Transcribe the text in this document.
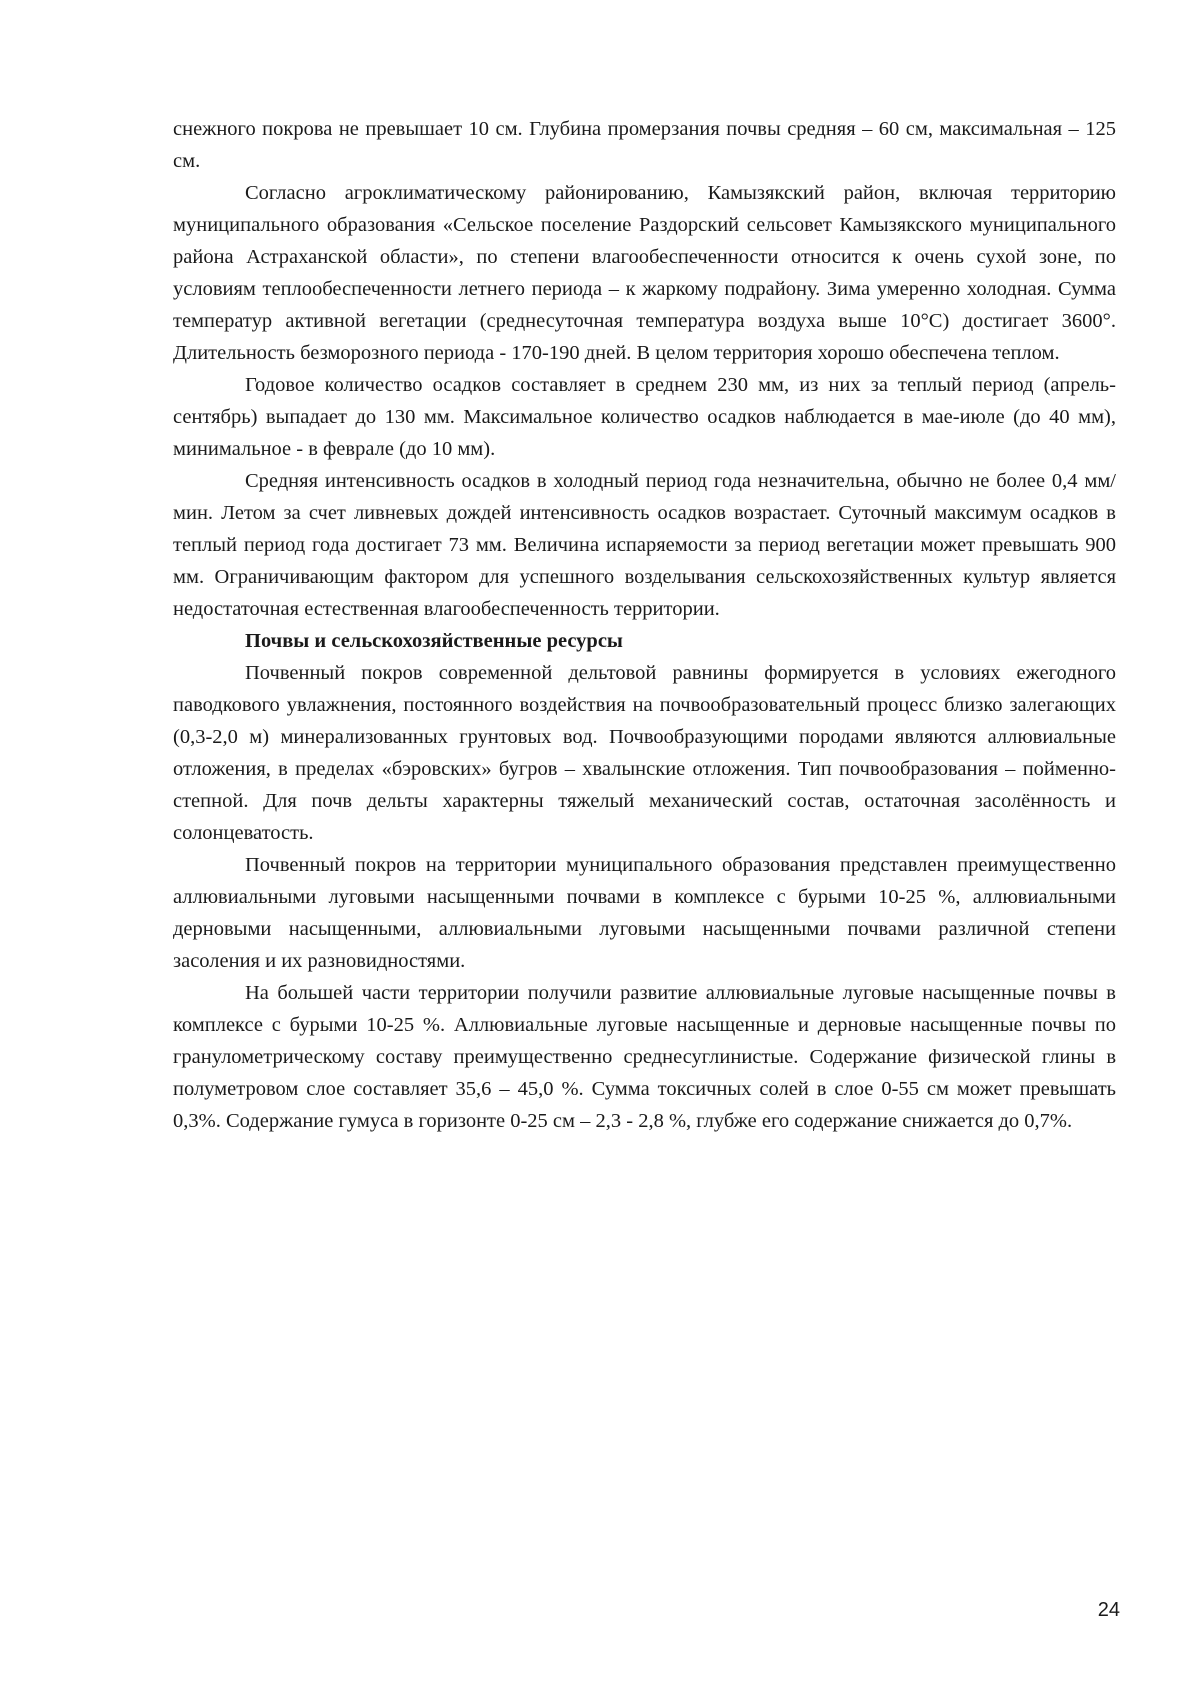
снежного покрова не превышает 10 см. Глубина промерзания почвы средняя – 60 см, максимальная – 125 см.

Согласно агроклиматическому районированию, Камызякский район, включая территорию муниципального образования «Сельское поселение Раздорский сельсовет Камызякского муниципального района Астраханской области», по степени влагообеспеченности относится к очень сухой зоне, по условиям теплообеспеченности летнего периода – к жаркому подрайону. Зима умеренно холодная. Сумма температур активной вегетации (среднесуточная температура воздуха выше 10°С) достигает 3600°. Длительность безморозного периода - 170-190 дней. В целом территория хорошо обеспечена теплом.

Годовое количество осадков составляет в среднем 230 мм, из них за теплый период (апрель-сентябрь) выпадает до 130 мм. Максимальное количество осадков наблюдается в мае-июле (до 40 мм), минимальное - в феврале (до 10 мм).

Средняя интенсивность осадков в холодный период года незначительна, обычно не более 0,4 мм/мин. Летом за счет ливневых дождей интенсивность осадков возрастает. Суточный максимум осадков в теплый период года достигает 73 мм. Величина испаряемости за период вегетации может превышать 900 мм. Ограничивающим фактором для успешного возделывания сельскохозяйственных культур является недостаточная естественная влагообеспеченность территории.

Почвы и сельскохозяйственные ресурсы

Почвенный покров современной дельтовой равнины формируется в условиях ежегодного паводкового увлажнения, постоянного воздействия на почвообразовательный процесс близко залегающих (0,3-2,0 м) минерализованных грунтовых вод. Почвообразующими породами являются аллювиальные отложения, в пределах «бэровских» бугров – хвалынские отложения. Тип почвообразования – пойменно-степной. Для почв дельты характерны тяжелый механический состав, остаточная засолённость и солонцеватость.

Почвенный покров на территории муниципального образования представлен преимущественно аллювиальными луговыми насыщенными почвами в комплексе с бурыми 10-25 %, аллювиальными дерновыми насыщенными, аллювиальными луговыми насыщенными почвами различной степени засоления и их разновидностями.

На большей части территории получили развитие аллювиальные луговые насыщенные почвы в комплексе с бурыми 10-25 %. Аллювиальные луговые насыщенные и дерновые насыщенные почвы по гранулометрическому составу преимущественно среднесуглинистые. Содержание физической глины в полуметровом слое составляет 35,6 – 45,0 %. Сумма токсичных солей в слое 0-55 см может превышать 0,3%. Содержание гумуса в горизонте 0-25 см – 2,3 - 2,8 %, глубже его содержание снижается до 0,7%.

24
